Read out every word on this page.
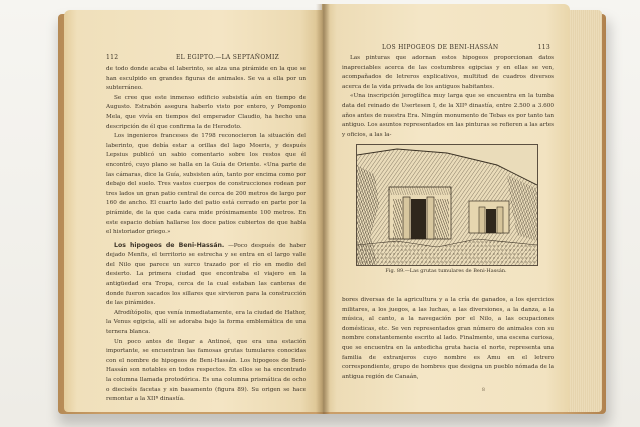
112	EL EGIPTO.—LA SEPTAÑOMIZ

de todo donde acaba el laberinto, se alza una pirámide en la que se han esculpido en grandes figuras de animales. Se va a ella por un subterráneo.

Se cree que este inmenso edificio subsistía aún en tiempo de Augusto. Estrabón asegura haberlo visto por entero, y Pomponio Mela, que vivía en tiempos del emperador Claudio, ha hecho una descripción de él que confirma la de Herodoto.

Los ingenieros franceses de 1798 reconocieron la situación del laberinto, que debía estar a orillas del lago Moeris, y después Lepsius publicó un sabio comentario sobre los restos que él encontró, cuyo plano se halla en la Guía de Oriente. «Una parte de las cámaras, dice la Guía, subsisten aún, tanto por encima como por debajo del suelo. Tres vastos cuerpos de construcciones rodean por tres lados un gran patio central de cerca de 200 metros de largo por 160 de ancho. El cuarto lado del patio está cerrado en parte por la pirámide, de la que cada cara mide próximamente 100 metros. En este espacio debían hallarse los doce patios cubiertos de que habla el historiador griego.»

Los hipogeos de Beni-Hassán. —Poco después de haber dejado Menfis, el territorio se estrecha y se entra en el largo valle del Nilo que parece un surco trazado por el río en medio del desierto. La primera ciudad que encontraba el viajero en la antigüedad era Tropa, cerca de la cual estaban las canteras de donde fueron sacados los sillares que sirvieron para la construcción de las pirámides.

Afrodítópolis, que venía inmediatamente, era la ciudad de Hathor, la Venus egipcia, allí se adoraba bajo la forma emblemática de una ternera blanca.

Un poco antes de llegar a Antinoé, que era una estación importante, se encuentran las famosas grutas tumulares conocidas con el nombre de hipogeos de Beni-Hassán. Los hipogeos de Beni-Hassán son notables en todos respectos. En ellos se ha encontrado la columna llamada protodórica. Es una columna prismática de ocho o dieciséis facetas y sin basamento (figura 89). Su origen se hace remontar a la XIIª dinastía.

LOS HIPOGEOS DE BENI-HASSÁN	113

Las pinturas que adornan estos hipogeos proporcionan datos inapreciables acerca de las costumbres egipcias y en ellas se ven, acompañados de letreros explicativos, multitud de cuadros diversos acerca de la vida privada de los antiguos habitantes.

«Una inscripción jeroglífica muy larga que se encuentra en la tumba data del reinado de Usertesen I, de la XIIª dinastía, entre 2.500 a 3.600 años antes de nuestra Era. Ningún monumento de Tebas es por tanto tan antiguo. Los asuntos representados en las pinturas se refieren a las artes y oficios, a las la-

Fig. 89.—Las grutas tumulares de Beni-Hassán.

bores diversas de la agricultura y a la cría de ganados, a los ejercicios militares, a los juegos, a las luchas, a las diversiones, a la danza, a la música, al canto, a la navegación por el Nilo, a las ocupaciones domésticas, etc. Se ven representados gran número de animales con su nombre constantemente escrito al lado. Finalmente, una escena curiosa, que se encuentra en la antedicha gruta hacia el norte, representa una familia de extranjeros cuyo nombre es Amu en el letrero correspondiente, grupo de hombres que designa un pueblo nómada de la antigua región de Canaán,

8
